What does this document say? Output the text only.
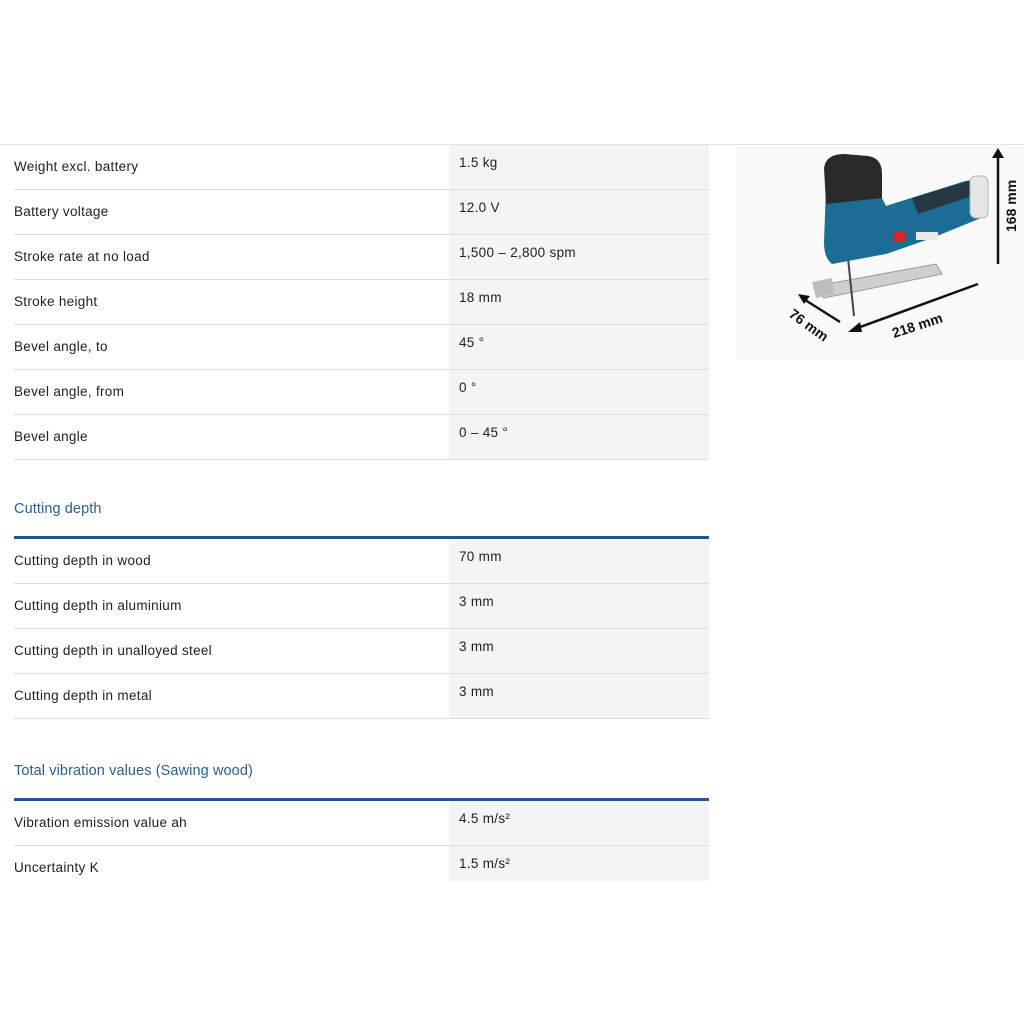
Weight excl. battery	1.5 kg
Battery voltage	12.0 V
Stroke rate at no load	1,500 – 2,800 spm
Stroke height	18 mm
Bevel angle, to	45 °
Bevel angle, from	0 °
Bevel angle	0 – 45 °
Cutting depth
Cutting depth in wood	70 mm
Cutting depth in aluminium	3 mm
Cutting depth in unalloyed steel	3 mm
Cutting depth in metal	3 mm
Total vibration values (Sawing wood)
Vibration emission value ah	4.5 m/s²
Uncertainty K	1.5 m/s²
168 mm
218 mm
76 mm
